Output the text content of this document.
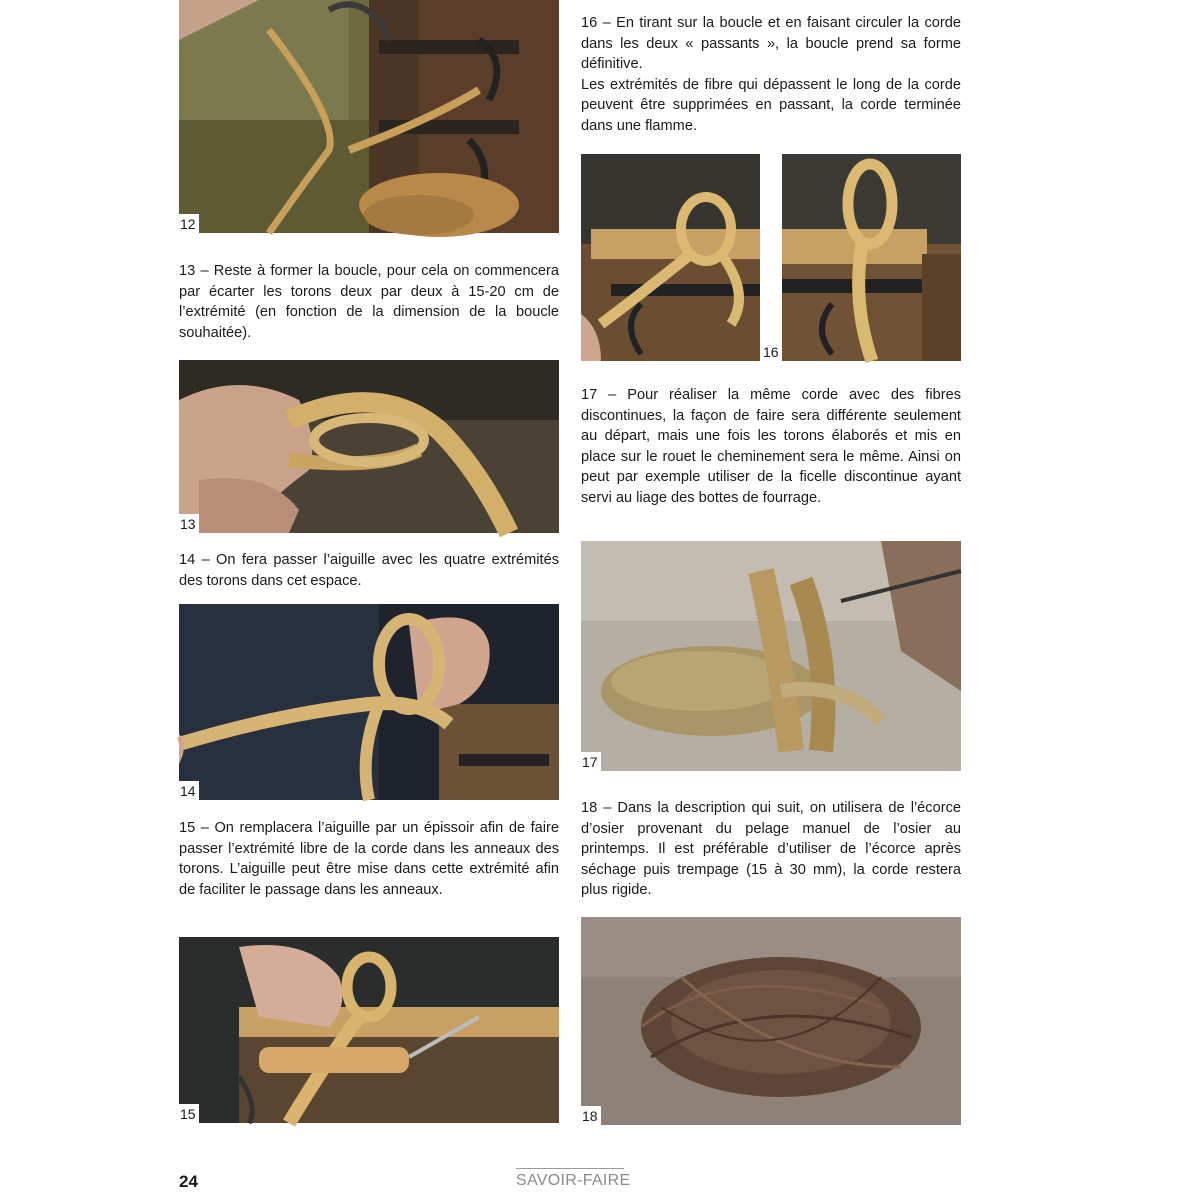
12

13 – Reste à former la boucle, pour cela on commencera par écarter les torons deux par deux à 15-20 cm de l’extrémité (en fonction de la dimension de la boucle souhaitée).

13

14 – On fera passer l’aiguille avec les quatre extrémités des torons dans cet espace.

14

15 – On remplacera l’aiguille par un épissoir afin de faire passer l’extrémité libre de la corde dans les anneaux des torons. L’aiguille peut être mise dans cette extrémité afin de faciliter le passage dans les anneaux.

15

16 – En tirant sur la boucle et en faisant circuler la corde dans les deux « passants », la boucle prend sa forme définitive.
Les extrémités de fibre qui dépassent le long de la corde peuvent être supprimées en passant, la corde terminée dans une flamme.

16

17 – Pour réaliser la même corde avec des fibres discontinues, la façon de faire sera différente seulement au départ, mais une fois les torons élaborés et mis en place sur le rouet le cheminement sera le même. Ainsi on peut par exemple utiliser de la ficelle discontinue ayant servi au liage des bottes de fourrage.

17

18 – Dans la description qui suit, on utilisera de l’écorce d’osier provenant du pelage manuel de l’osier au printemps. Il est préférable d’utiliser de l’écorce après séchage puis trempage (15 à 30 mm), la corde restera plus rigide.

18
24	SAVOIR-FAIRE
